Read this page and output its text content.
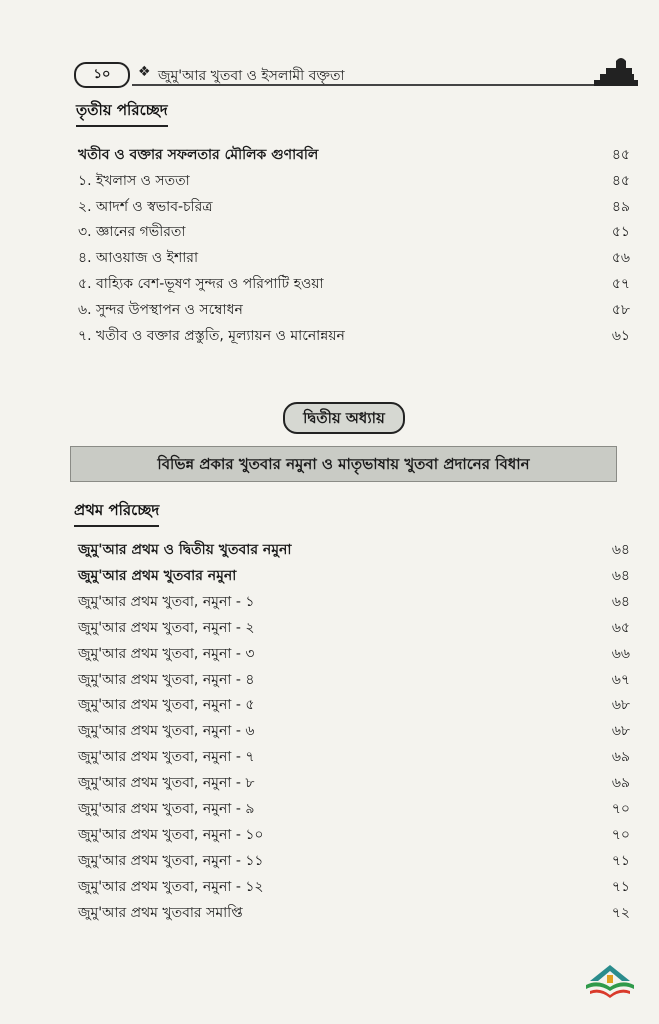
১০	❖ জুমু'আর খুতবা ও ইসলামী বক্তৃতা
তৃতীয় পরিচ্ছেদ
খতীব ও বক্তার সফলতার মৌলিক গুণাবলি	৪৫
১. ইখলাস ও সততা	৪৫
২. আদর্শ ও স্বভাব-চরিত্র	৪৯
৩. জ্ঞানের গভীরতা	৫১
৪. আওয়াজ ও ইশারা	৫৬
৫. বাহ্যিক বেশ-ভূষণ সুন্দর ও পরিপাটি হওয়া	৫৭
৬. সুন্দর উপস্থাপন ও সম্বোধন	৫৮
৭. খতীব ও বক্তার প্রস্তুতি, মূল্যায়ন ও মানোন্নয়ন	৬১
দ্বিতীয় অধ্যায়
বিভিন্ন প্রকার খুতবার নমুনা ও মাতৃভাষায় খুতবা প্রদানের বিধান
প্রথম পরিচ্ছেদ
জুমু'আর প্রথম ও দ্বিতীয় খুতবার নমুনা	৬৪
জুমু'আর প্রথম খুতবার নমুনা	৬৪
জুমু'আর প্রথম খুতবা, নমুনা - ১	৬৪
জুমু'আর প্রথম খুতবা, নমুনা - ২	৬৫
জুমু'আর প্রথম খুতবা, নমুনা - ৩	৬৬
জুমু'আর প্রথম খুতবা, নমুনা - ৪	৬৭
জুমু'আর প্রথম খুতবা, নমুনা - ৫	৬৮
জুমু'আর প্রথম খুতবা, নমুনা - ৬	৬৮
জুমু'আর প্রথম খুতবা, নমুনা - ৭	৬৯
জুমু'আর প্রথম খুতবা, নমুনা - ৮	৬৯
জুমু'আর প্রথম খুতবা, নমুনা - ৯	৭০
জুমু'আর প্রথম খুতবা, নমুনা - ১০	৭০
জুমু'আর প্রথম খুতবা, নমুনা - ১১	৭১
জুমু'আর প্রথম খুতবা, নমুনা - ১২	৭১
জুমু'আর প্রথম খুতবার সমাপ্তি	৭২
